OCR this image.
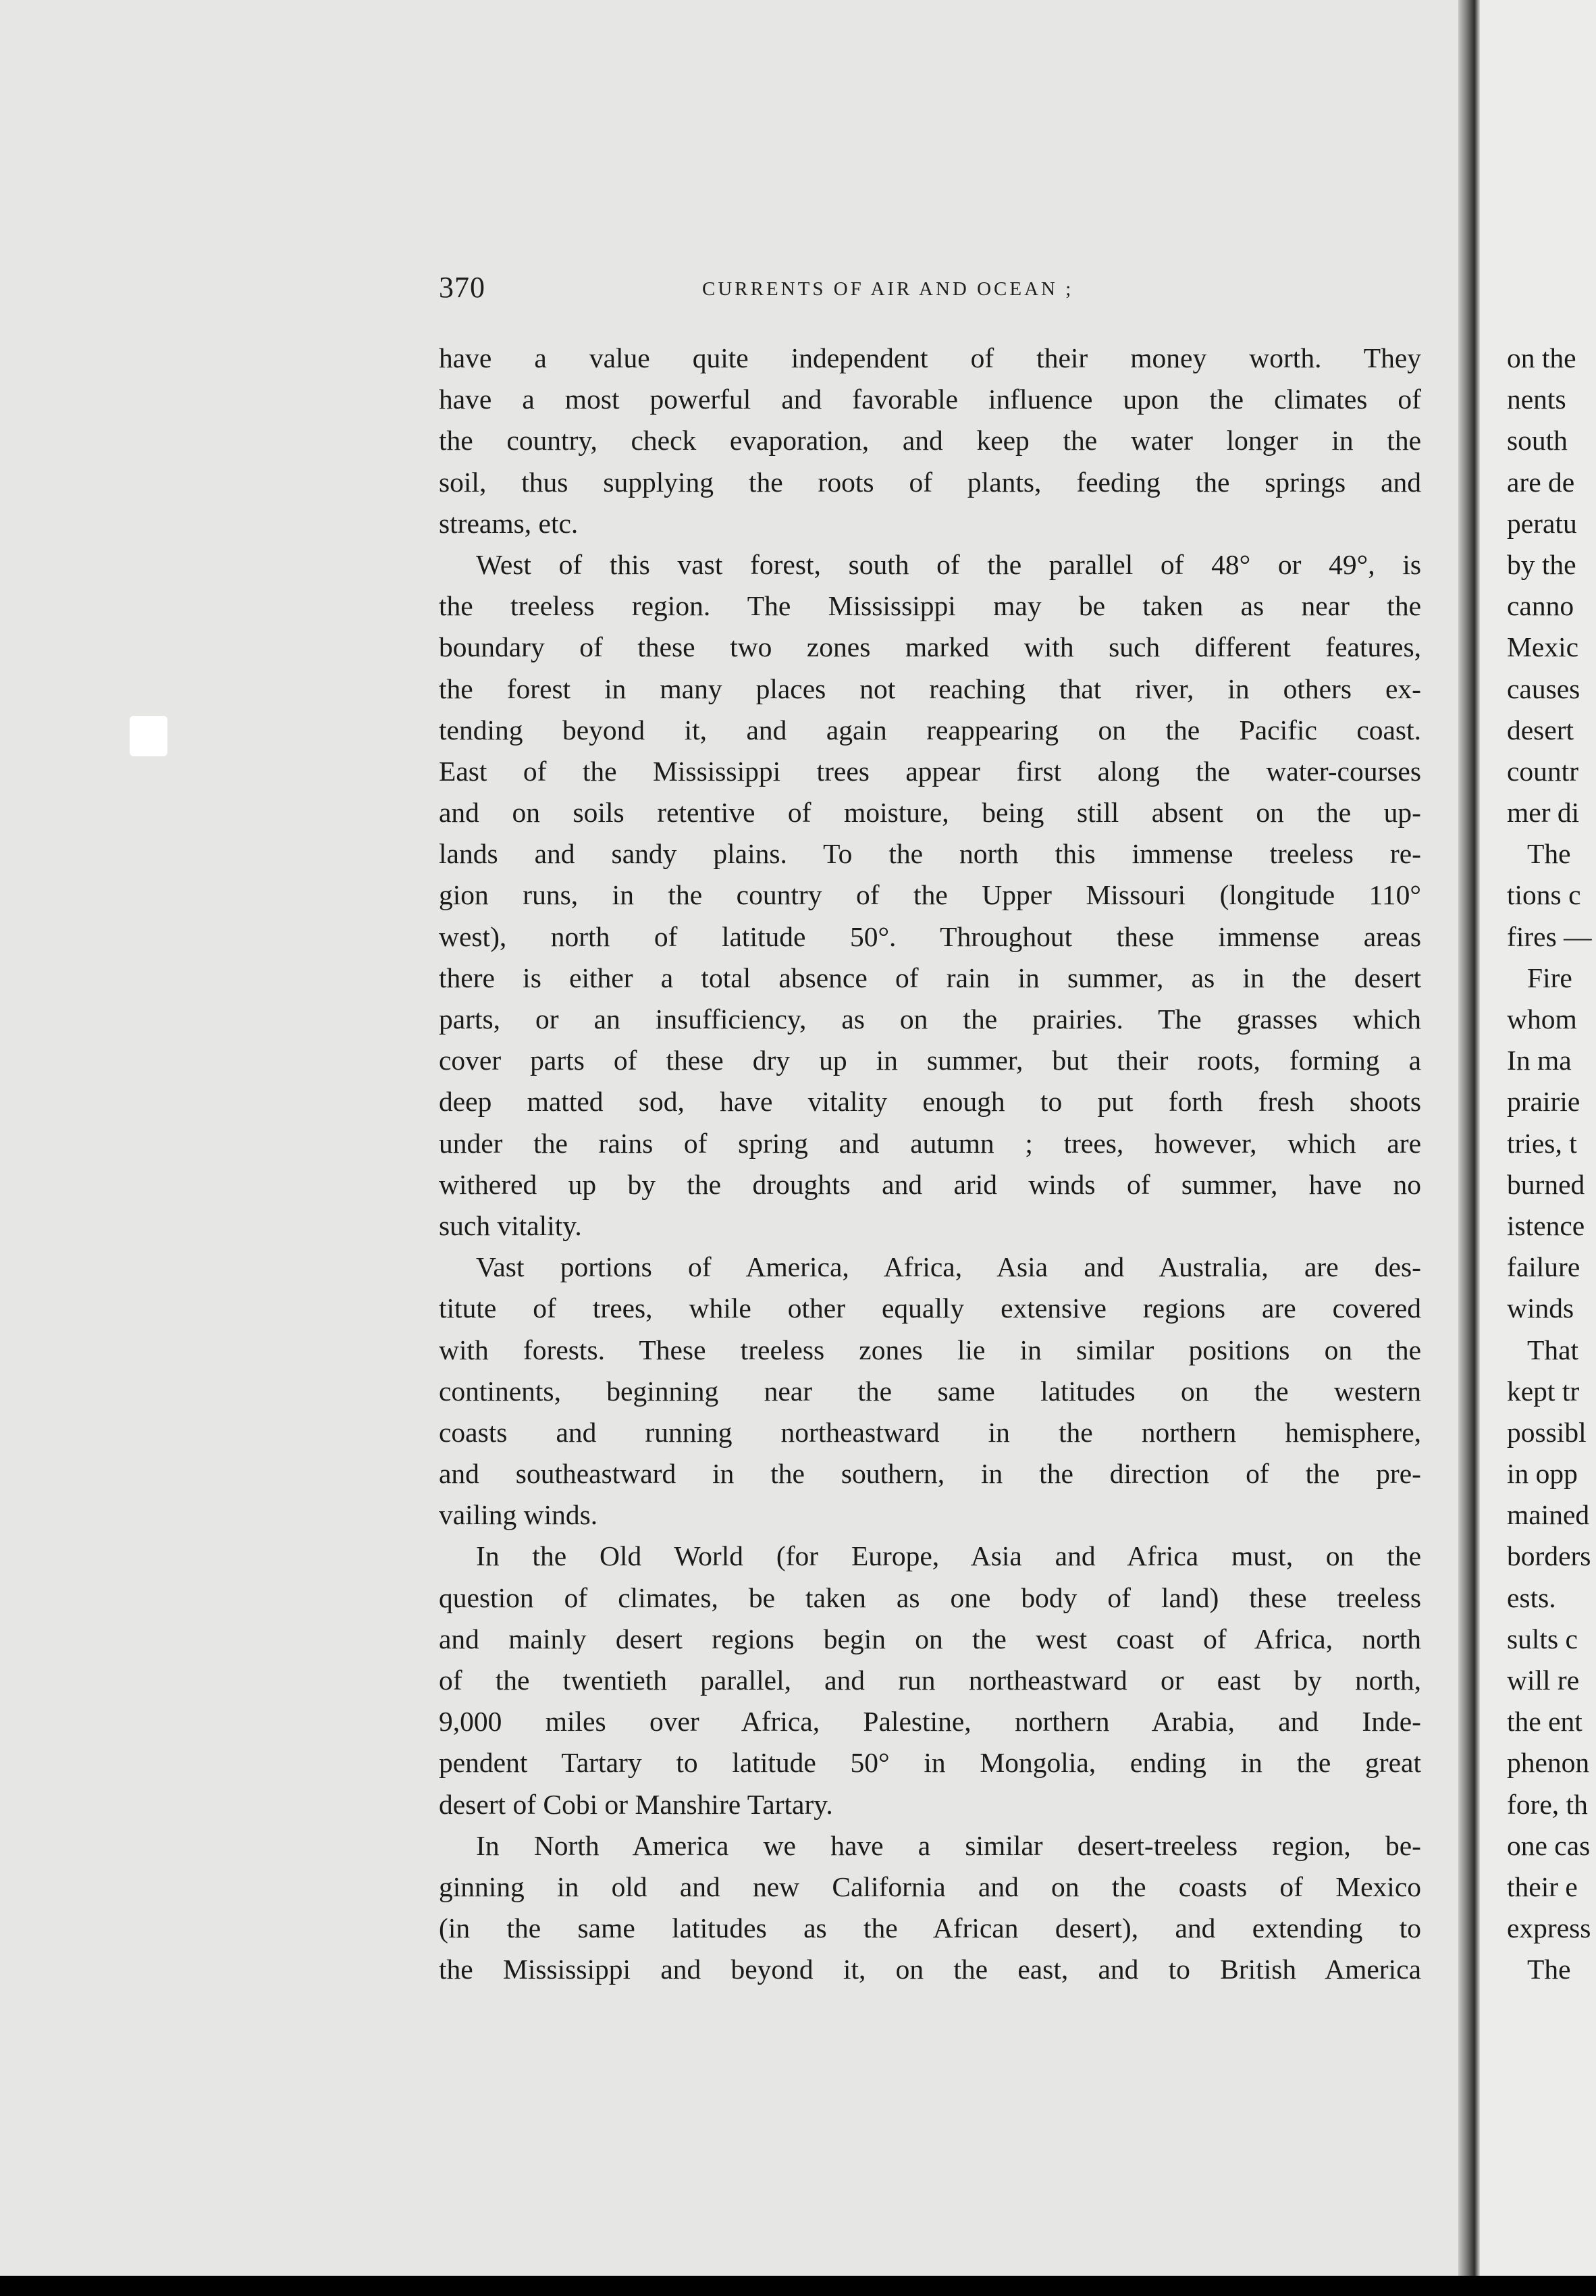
370	CURRENTS OF AIR AND OCEAN ;
have a value quite independent of their money worth. They
have a most powerful and favorable influence upon the climates of
the country, check evaporation, and keep the water longer in the
soil, thus supplying the roots of plants, feeding the springs and
streams, etc.
West of this vast forest, south of the parallel of 48° or 49°, is
the treeless region. The Mississippi may be taken as near the
boundary of these two zones marked with such different features,
the forest in many places not reaching that river, in others ex-
tending beyond it, and again reappearing on the Pacific coast.
East of the Mississippi trees appear first along the water-courses
and on soils retentive of moisture, being still absent on the up-
lands and sandy plains. To the north this immense treeless re-
gion runs, in the country of the Upper Missouri (longitude 110°
west), north of latitude 50°. Throughout these immense areas
there is either a total absence of rain in summer, as in the desert
parts, or an insufficiency, as on the prairies. The grasses which
cover parts of these dry up in summer, but their roots, forming a
deep matted sod, have vitality enough to put forth fresh shoots
under the rains of spring and autumn ; trees, however, which are
withered up by the droughts and arid winds of summer, have no
such vitality.
Vast portions of America, Africa, Asia and Australia, are des-
titute of trees, while other equally extensive regions are covered
with forests. These treeless zones lie in similar positions on the
continents, beginning near the same latitudes on the western
coasts and running northeastward in the northern hemisphere,
and southeastward in the southern, in the direction of the pre-
vailing winds.
In the Old World (for Europe, Asia and Africa must, on the
question of climates, be taken as one body of land) these treeless
and mainly desert regions begin on the west coast of Africa, north
of the twentieth parallel, and run northeastward or east by north,
9,000 miles over Africa, Palestine, northern Arabia, and Inde-
pendent Tartary to latitude 50° in Mongolia, ending in the great
desert of Cobi or Manshire Tartary.
In North America we have a similar desert-treeless region, be-
ginning in old and new California and on the coasts of Mexico
(in the same latitudes as the African desert), and extending to
the Mississippi and beyond it, on the east, and to British America
on the
nents
south
are de
peratu
by the
canno
Mexic
causes
desert
countr
mer di
The
tions c
fires —
Fire
whom
In ma
prairie
tries, t
burned
istence
failure
winds
That
kept tr
possibl
in opp
mained
borders
ests.
sults c
will re
the ent
phenon
fore, th
one cas
their e
express
The
